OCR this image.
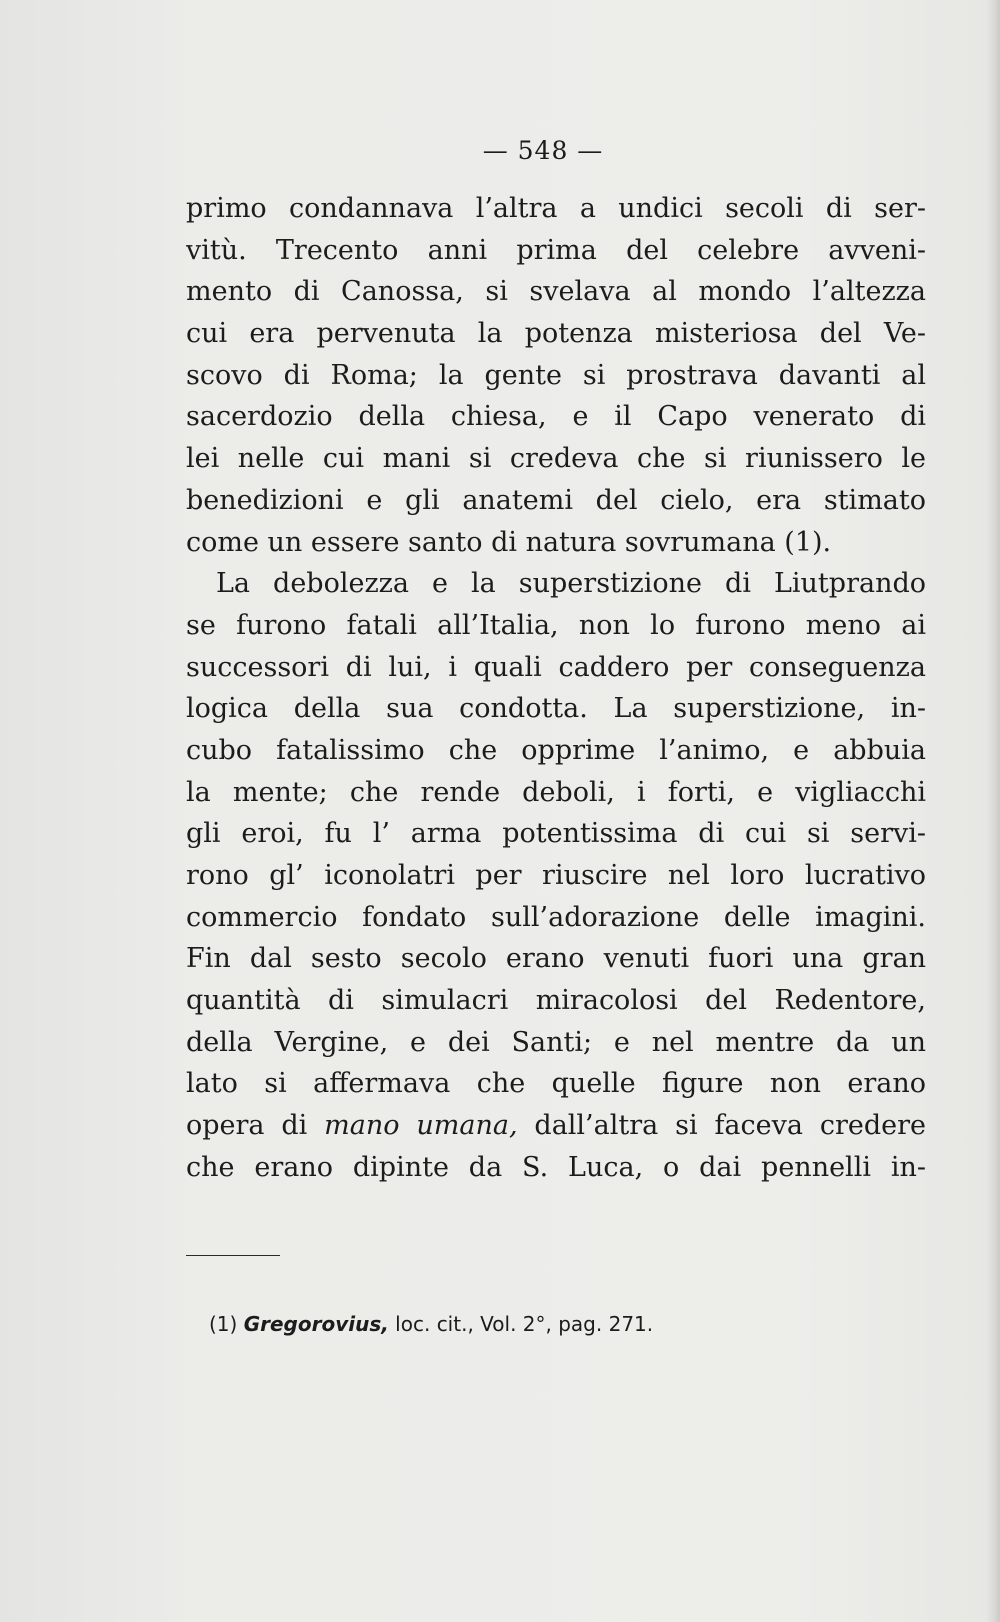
— 548 —
primo condannava l’altra a undici secoli di ser-
vitù. Trecento anni prima del celebre avveni-
mento di Canossa, si svelava al mondo l’altezza
cui era pervenuta la potenza misteriosa del Ve-
scovo di Roma; la gente si prostrava davanti al
sacerdozio della chiesa, e il Capo venerato di
lei nelle cui mani si credeva che si riunissero le
benedizioni e gli anatemi del cielo, era stimato
come un essere santo di natura sovrumana (1).
La debolezza e la superstizione di Liutprando
se furono fatali all’Italia, non lo furono meno ai
successori di lui, i quali caddero per conseguenza
logica della sua condotta. La superstizione, in-
cubo fatalissimo che opprime l’animo, e abbuia
la mente; che rende deboli, i forti, e vigliacchi
gli eroi, fu l’ arma potentissima di cui si servi-
rono gl’ iconolatri per riuscire nel loro lucrativo
commercio fondato sull’adorazione delle imagini.
Fin dal sesto secolo erano venuti fuori una gran
quantità di simulacri miracolosi del Redentore,
della Vergine, e dei Santi; e nel mentre da un
lato si affermava che quelle figure non erano
opera di mano umana, dall’altra si faceva credere
che erano dipinte da S. Luca, o dai pennelli in-
(1) Gregorovius, loc. cit., Vol. 2°, pag. 271.
